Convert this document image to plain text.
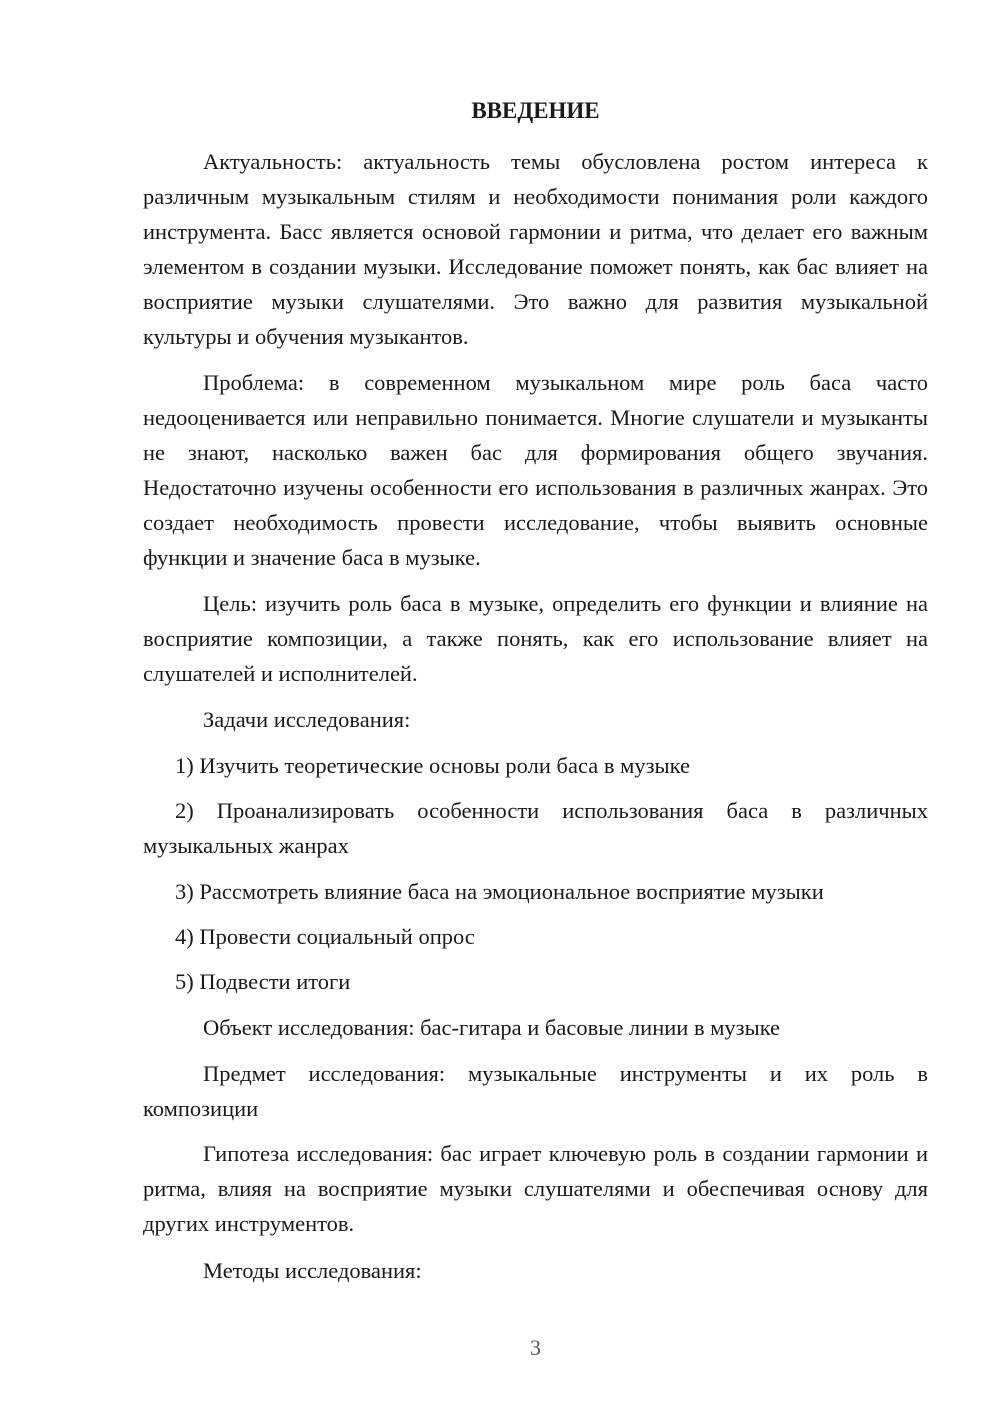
ВВЕДЕНИЕ

Актуальность: актуальность темы обусловлена ростом интереса к различным музыкальным стилям и необходимости понимания роли каждого инструмента. Басс является основой гармонии и ритма, что делает его важным элементом в создании музыки. Исследование поможет понять, как бас влияет на восприятие музыки слушателями. Это важно для развития музыкальной культуры и обучения музыкантов.

Проблема: в современном музыкальном мире роль баса часто недооценивается или неправильно понимается. Многие слушатели и музыканты не знают, насколько важен бас для формирования общего звучания. Недостаточно изучены особенности его использования в различных жанрах. Это создает необходимость провести исследование, чтобы выявить основные функции и значение баса в музыке.

Цель: изучить роль баса в музыке, определить его функции и влияние на восприятие композиции, а также понять, как его использование влияет на слушателей и исполнителей.

Задачи исследования:

1) Изучить теоретические основы роли баса в музыке

2) Проанализировать особенности использования баса в различных музыкальных жанрах

3) Рассмотреть влияние баса на эмоциональное восприятие музыки

4) Провести социальный опрос

5) Подвести итоги

Объект исследования: бас-гитара и басовые линии в музыке

Предмет исследования: музыкальные инструменты и их роль в композиции

Гипотеза исследования: бас играет ключевую роль в создании гармонии и ритма, влияя на восприятие музыки слушателями и обеспечивая основу для других инструментов.

Методы исследования:

3
